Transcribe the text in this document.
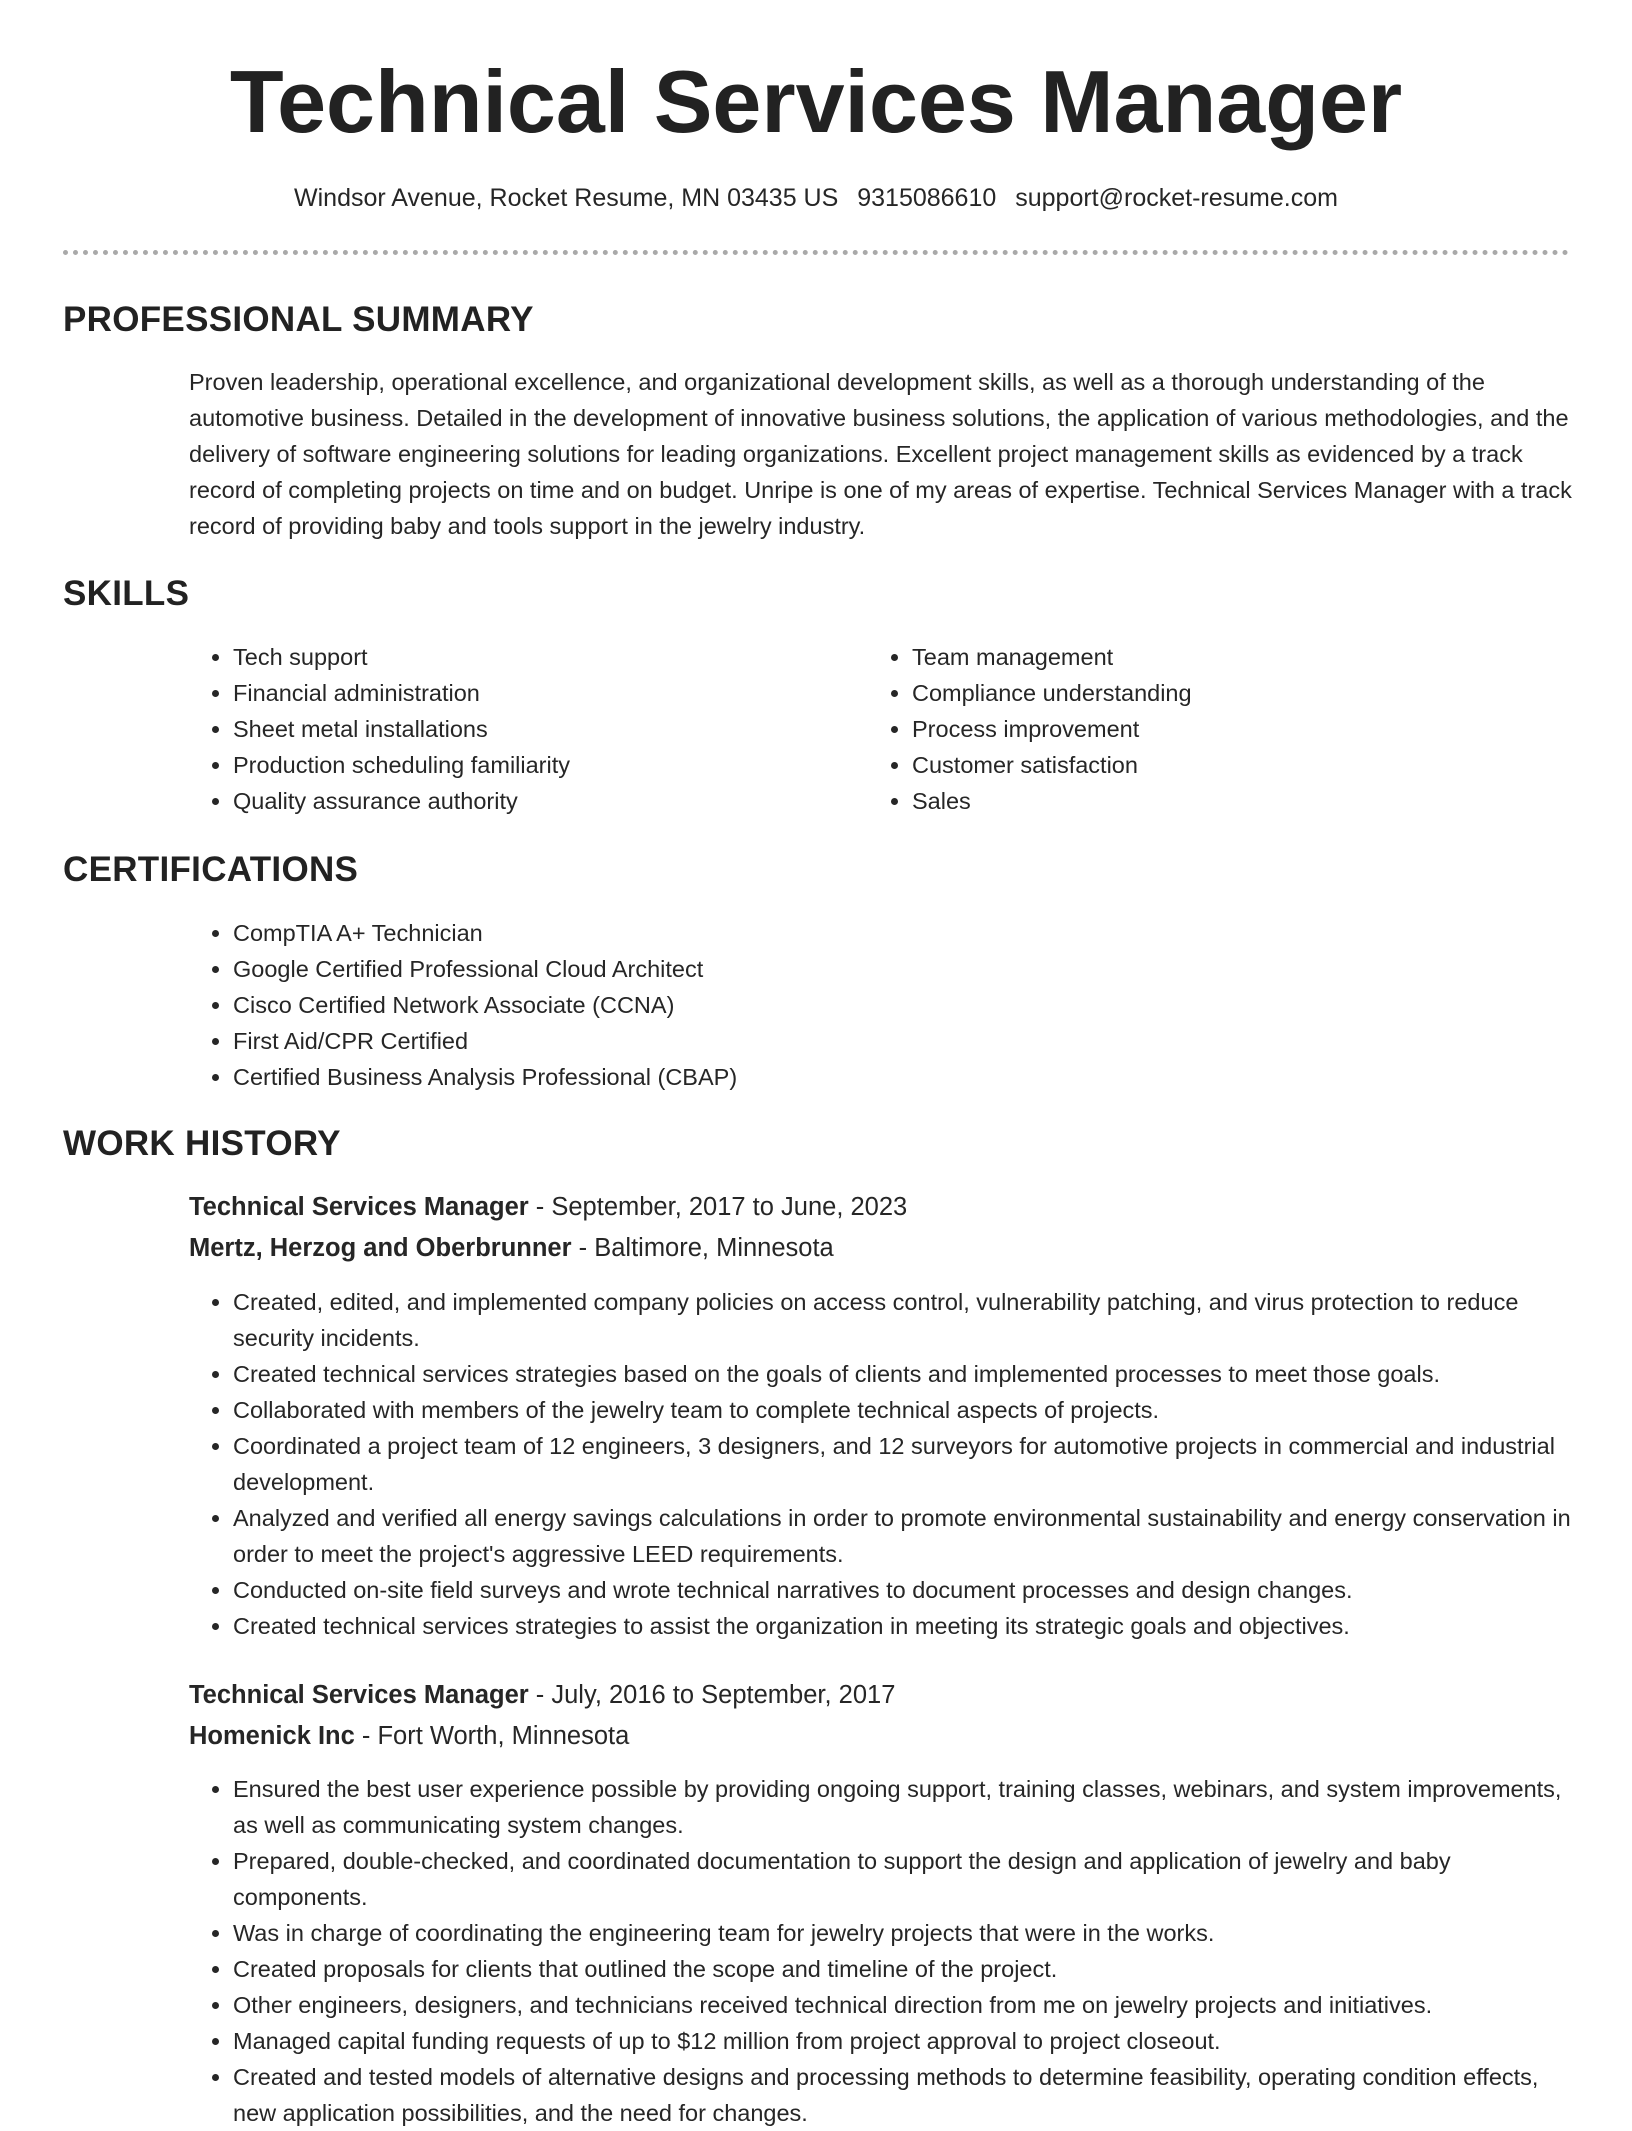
Technical Services Manager
Windsor Avenue, Rocket Resume, MN 03435 US 9315086610 support@rocket-resume.com
PROFESSIONAL SUMMARY

Proven leadership, operational excellence, and organizational development skills, as well as a thorough understanding of the automotive business. Detailed in the development of innovative business solutions, the application of various methodologies, and the delivery of software engineering solutions for leading organizations. Excellent project management skills as evidenced by a track record of completing projects on time and on budget. Unripe is one of my areas of expertise. Technical Services Manager with a track record of providing baby and tools support in the jewelry industry.

SKILLS
• Tech support
• Financial administration
• Sheet metal installations
• Production scheduling familiarity
• Quality assurance authority
• Team management
• Compliance understanding
• Process improvement
• Customer satisfaction
• Sales
CERTIFICATIONS
• CompTIA A+ Technician
• Google Certified Professional Cloud Architect
• Cisco Certified Network Associate (CCNA)
• First Aid/CPR Certified
• Certified Business Analysis Professional (CBAP)
WORK HISTORY
Technical Services Manager - September, 2017 to June, 2023
Mertz, Herzog and Oberbrunner - Baltimore, Minnesota
• Created, edited, and implemented company policies on access control, vulnerability patching, and virus protection to reduce security incidents.
• Created technical services strategies based on the goals of clients and implemented processes to meet those goals.
• Collaborated with members of the jewelry team to complete technical aspects of projects.
• Coordinated a project team of 12 engineers, 3 designers, and 12 surveyors for automotive projects in commercial and industrial development.
• Analyzed and verified all energy savings calculations in order to promote environmental sustainability and energy conservation in order to meet the project's aggressive LEED requirements.
• Conducted on-site field surveys and wrote technical narratives to document processes and design changes.
• Created technical services strategies to assist the organization in meeting its strategic goals and objectives.
Technical Services Manager - July, 2016 to September, 2017
Homenick Inc - Fort Worth, Minnesota
• Ensured the best user experience possible by providing ongoing support, training classes, webinars, and system improvements, as well as communicating system changes.
• Prepared, double-checked, and coordinated documentation to support the design and application of jewelry and baby components.
• Was in charge of coordinating the engineering team for jewelry projects that were in the works.
• Created proposals for clients that outlined the scope and timeline of the project.
• Other engineers, designers, and technicians received technical direction from me on jewelry projects and initiatives.
• Managed capital funding requests of up to $12 million from project approval to project closeout.
• Created and tested models of alternative designs and processing methods to determine feasibility, operating condition effects, new application possibilities, and the need for changes.
